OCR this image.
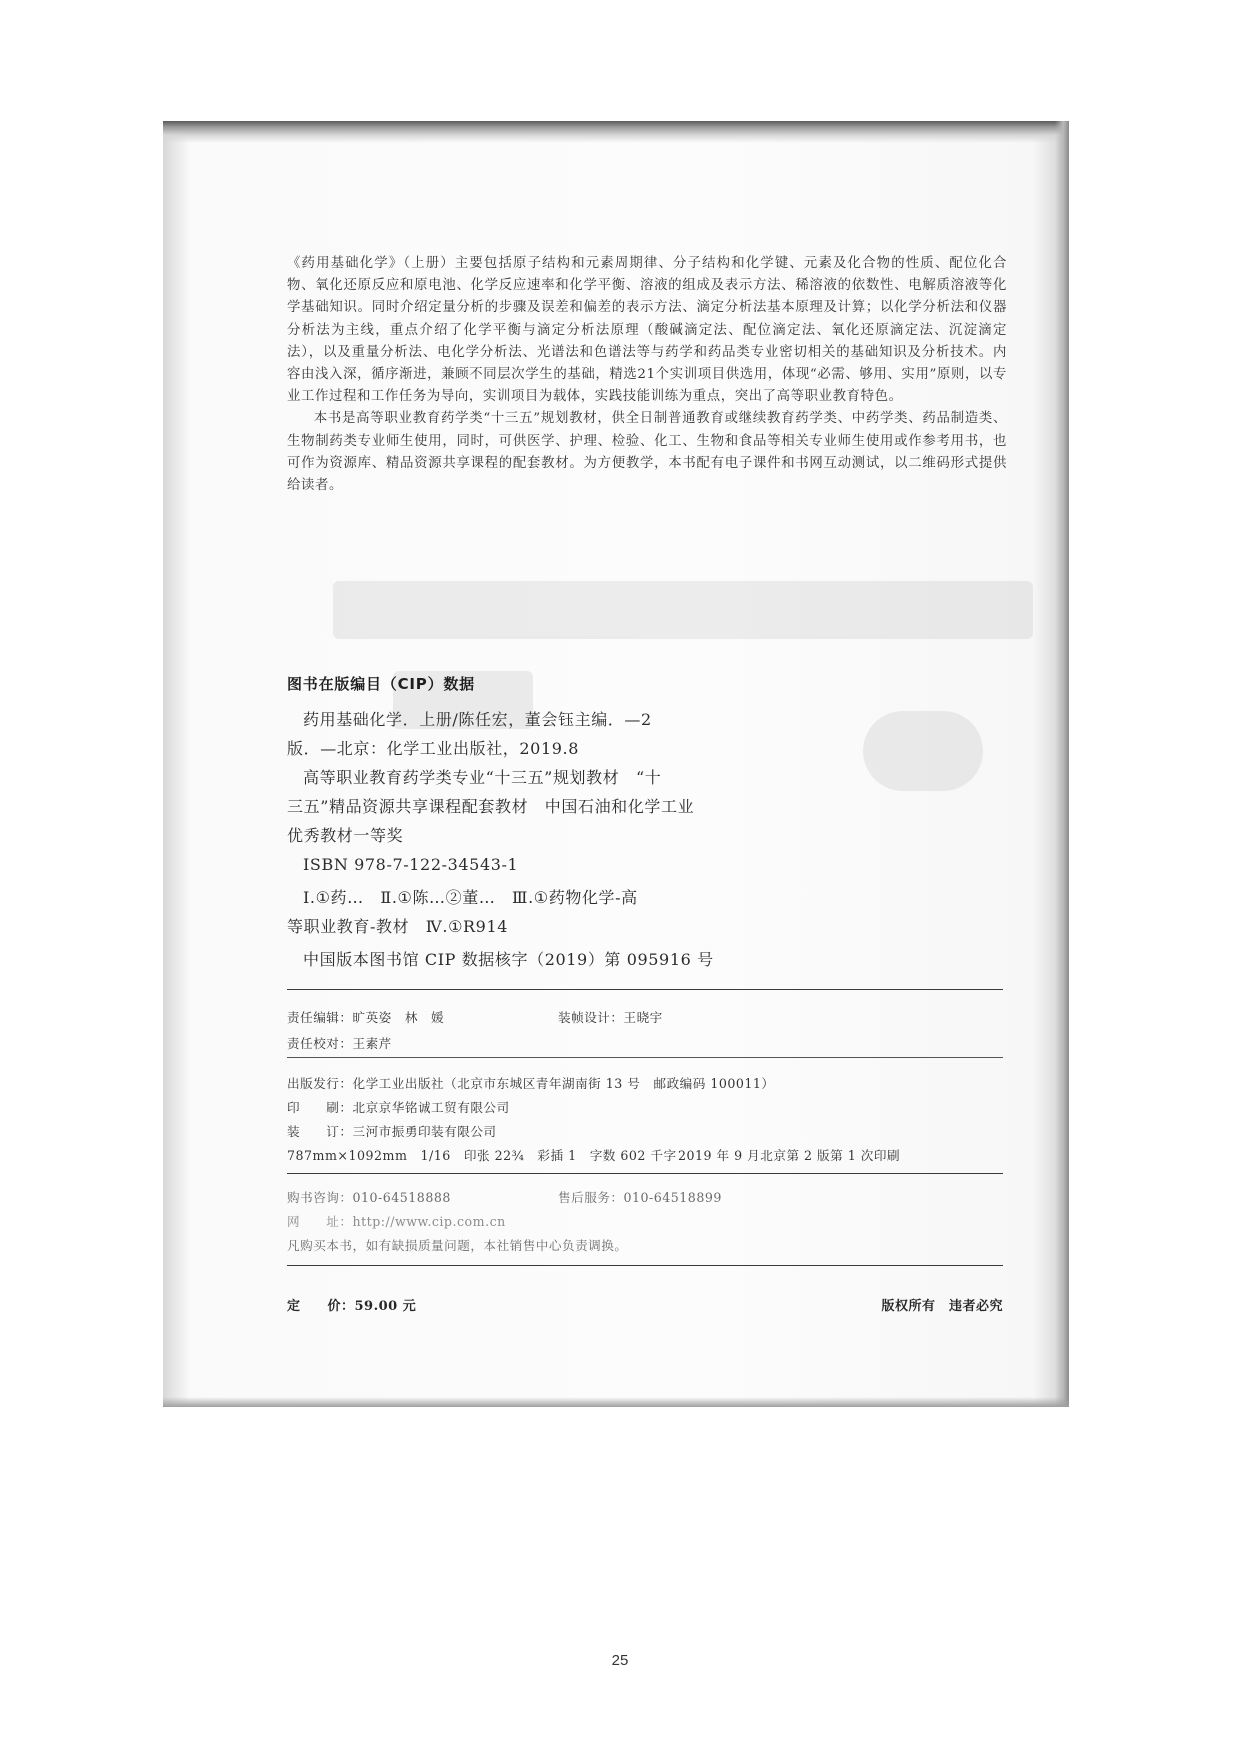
《药用基础化学》（上册）主要包括原子结构和元素周期律、分子结构和化学键、元素及化合物的性质、配位化合物、氧化还原反应和原电池、化学反应速率和化学平衡、溶液的组成及表示方法、稀溶液的依数性、电解质溶液等化学基础知识。同时介绍定量分析的步骤及误差和偏差的表示方法、滴定分析法基本原理及计算；以化学分析法和仪器分析法为主线，重点介绍了化学平衡与滴定分析法原理（酸碱滴定法、配位滴定法、氧化还原滴定法、沉淀滴定法），以及重量分析法、电化学分析法、光谱法和色谱法等与药学和药品类专业密切相关的基础知识及分析技术。内容由浅入深，循序渐进，兼顾不同层次学生的基础，精选21个实训项目供选用，体现“必需、够用、实用”原则，以专业工作过程和工作任务为导向，实训项目为载体，实践技能训练为重点，突出了高等职业教育特色。

本书是高等职业教育药学类“十三五”规划教材，供全日制普通教育或继续教育药学类、中药学类、药品制造类、生物制药类专业师生使用，同时，可供医学、护理、检验、化工、生物和食品等相关专业师生使用或作参考用书，也可作为资源库、精品资源共享课程的配套教材。为方便教学，本书配有电子课件和书网互动测试，以二维码形式提供给读者。

图书在版编目（CIP）数据
药用基础化学．上册/陈任宏，董会钰主编．—2
版．—北京：化学工业出版社，2019.8
高等职业教育药学类专业“十三五”规划教材　“十
三五”精品资源共享课程配套教材　中国石油和化学工业
优秀教材一等奖
ISBN 978-7-122-34543-1
Ⅰ.①药…　Ⅱ.①陈…②董…　Ⅲ.①药物化学-高
等职业教育-教材　Ⅳ.①R914
中国版本图书馆 CIP 数据核字（2019）第 095916 号
责任编辑：旷英姿　林　媛	装帧设计：王晓宇
责任校对：王素芹
出版发行：化学工业出版社（北京市东城区青年湖南街 13 号　邮政编码 100011）
印　　刷：北京京华铭诚工贸有限公司
装　　订：三河市振勇印装有限公司
787mm×1092mm　1/16　印张 22¾　彩插 1　字数 602 千字 2019 年 9 月北京第 2 版第 1 次印刷
购书咨询：010-64518888	售后服务：010-64518899
网　　址：http://www.cip.com.cn
凡购买本书，如有缺损质量问题，本社销售中心负责调换。
定　　价：59.00 元	版权所有　违者必究
25
